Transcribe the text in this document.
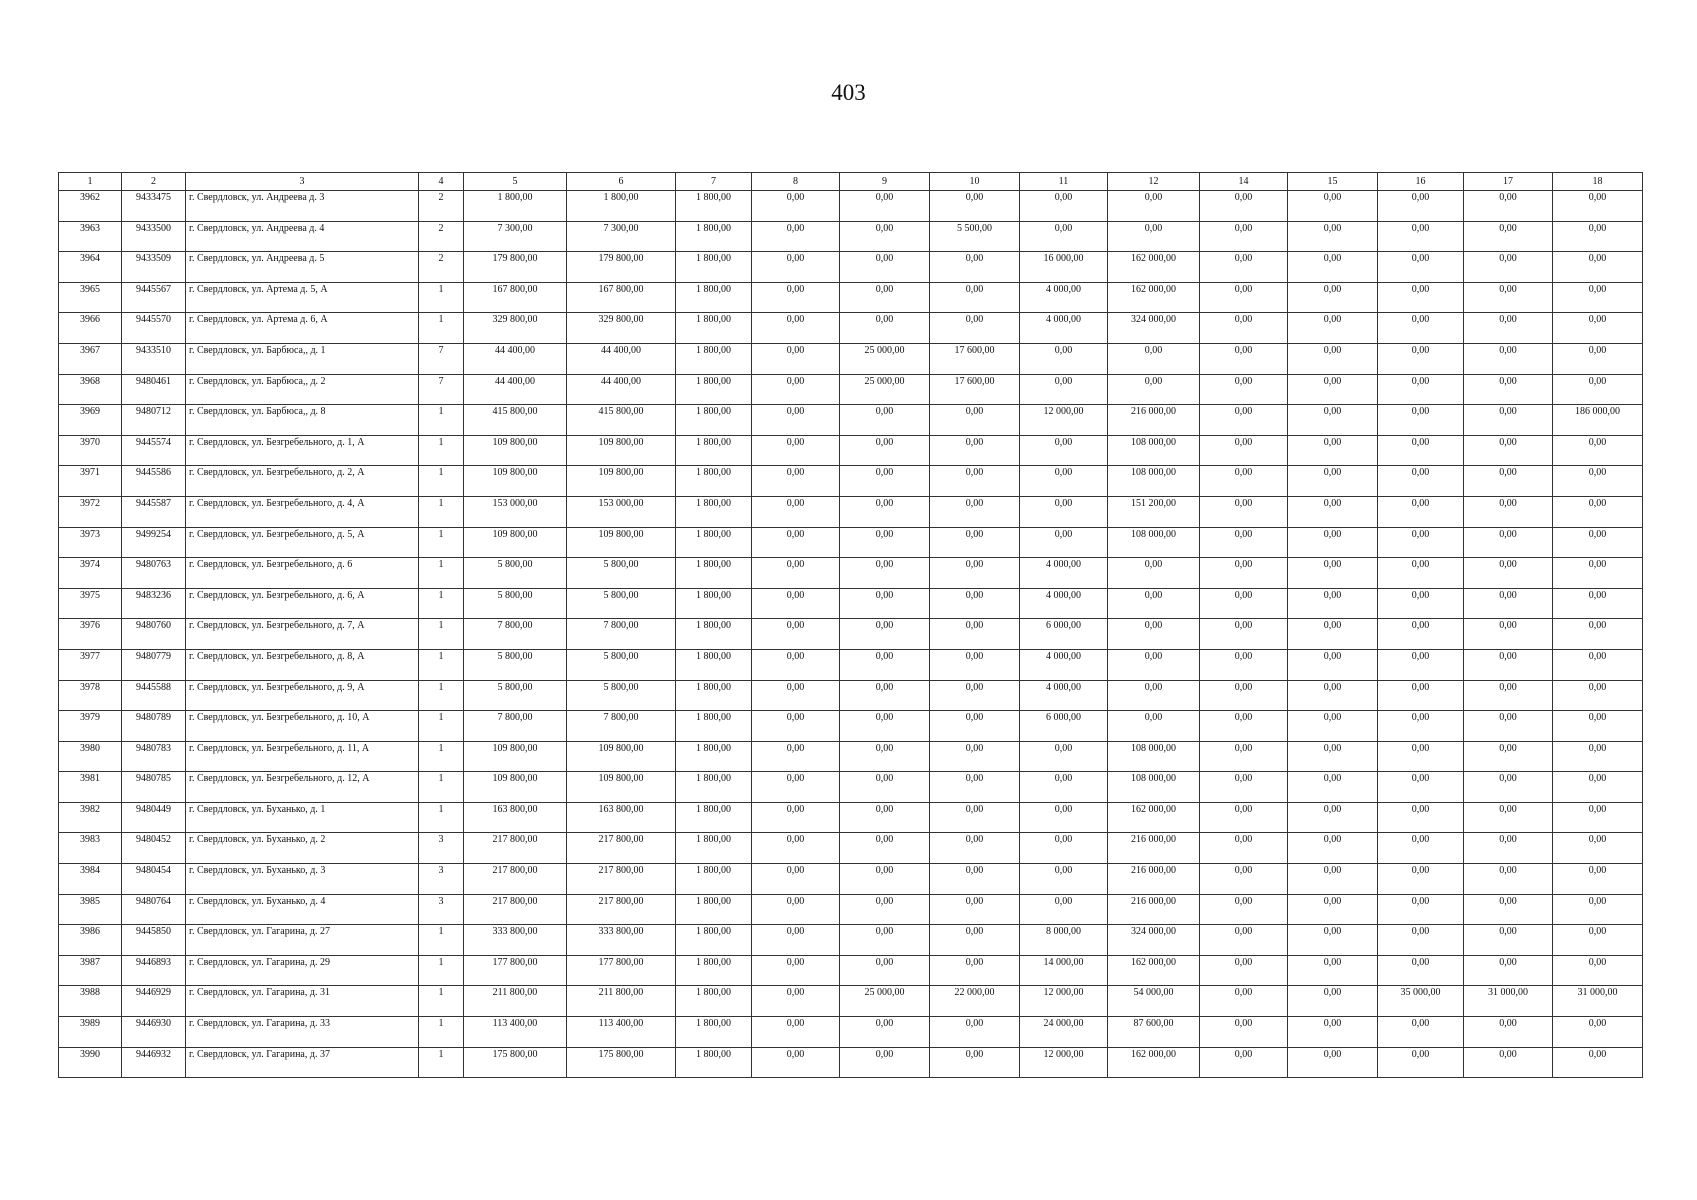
403
1	2	3	4	5	6	7	8	9	10	11	12	14	15	16	17	18
3962	9433475	г. Свердловск, ул. Андреева д. 3	2	1 800,00	1 800,00	1 800,00	0,00	0,00	0,00	0,00	0,00	0,00	0,00	0,00	0,00	0,00
3963	9433500	г. Свердловск, ул. Андреева д. 4	2	7 300,00	7 300,00	1 800,00	0,00	0,00	5 500,00	0,00	0,00	0,00	0,00	0,00	0,00	0,00
3964	9433509	г. Свердловск, ул. Андреева д. 5	2	179 800,00	179 800,00	1 800,00	0,00	0,00	0,00	16 000,00	162 000,00	0,00	0,00	0,00	0,00	0,00
3965	9445567	г. Свердловск, ул. Артема д. 5, А	1	167 800,00	167 800,00	1 800,00	0,00	0,00	0,00	4 000,00	162 000,00	0,00	0,00	0,00	0,00	0,00
3966	9445570	г. Свердловск, ул. Артема д. 6, А	1	329 800,00	329 800,00	1 800,00	0,00	0,00	0,00	4 000,00	324 000,00	0,00	0,00	0,00	0,00	0,00
3967	9433510	г. Свердловск, ул. Барбюса,, д. 1	7	44 400,00	44 400,00	1 800,00	0,00	25 000,00	17 600,00	0,00	0,00	0,00	0,00	0,00	0,00	0,00
3968	9480461	г. Свердловск, ул. Барбюса,, д. 2	7	44 400,00	44 400,00	1 800,00	0,00	25 000,00	17 600,00	0,00	0,00	0,00	0,00	0,00	0,00	0,00
3969	9480712	г. Свердловск, ул. Барбюса,, д. 8	1	415 800,00	415 800,00	1 800,00	0,00	0,00	0,00	12 000,00	216 000,00	0,00	0,00	0,00	0,00	186 000,00
3970	9445574	г. Свердловск, ул. Безгребельного, д. 1, А	1	109 800,00	109 800,00	1 800,00	0,00	0,00	0,00	0,00	108 000,00	0,00	0,00	0,00	0,00	0,00
3971	9445586	г. Свердловск, ул. Безгребельного, д. 2, А	1	109 800,00	109 800,00	1 800,00	0,00	0,00	0,00	0,00	108 000,00	0,00	0,00	0,00	0,00	0,00
3972	9445587	г. Свердловск, ул. Безгребельного, д. 4, А	1	153 000,00	153 000,00	1 800,00	0,00	0,00	0,00	0,00	151 200,00	0,00	0,00	0,00	0,00	0,00
3973	9499254	г. Свердловск, ул. Безгребельного, д. 5, А	1	109 800,00	109 800,00	1 800,00	0,00	0,00	0,00	0,00	108 000,00	0,00	0,00	0,00	0,00	0,00
3974	9480763	г. Свердловск, ул. Безгребельного, д. 6	1	5 800,00	5 800,00	1 800,00	0,00	0,00	0,00	4 000,00	0,00	0,00	0,00	0,00	0,00	0,00
3975	9483236	г. Свердловск, ул. Безгребельного, д. 6, А	1	5 800,00	5 800,00	1 800,00	0,00	0,00	0,00	4 000,00	0,00	0,00	0,00	0,00	0,00	0,00
3976	9480760	г. Свердловск, ул. Безгребельного, д. 7, А	1	7 800,00	7 800,00	1 800,00	0,00	0,00	0,00	6 000,00	0,00	0,00	0,00	0,00	0,00	0,00
3977	9480779	г. Свердловск, ул. Безгребельного, д. 8, А	1	5 800,00	5 800,00	1 800,00	0,00	0,00	0,00	4 000,00	0,00	0,00	0,00	0,00	0,00	0,00
3978	9445588	г. Свердловск, ул. Безгребельного, д. 9, А	1	5 800,00	5 800,00	1 800,00	0,00	0,00	0,00	4 000,00	0,00	0,00	0,00	0,00	0,00	0,00
3979	9480789	г. Свердловск, ул. Безгребельного, д. 10, А	1	7 800,00	7 800,00	1 800,00	0,00	0,00	0,00	6 000,00	0,00	0,00	0,00	0,00	0,00	0,00
3980	9480783	г. Свердловск, ул. Безгребельного, д. 11, А	1	109 800,00	109 800,00	1 800,00	0,00	0,00	0,00	0,00	108 000,00	0,00	0,00	0,00	0,00	0,00
3981	9480785	г. Свердловск, ул. Безгребельного, д. 12, А	1	109 800,00	109 800,00	1 800,00	0,00	0,00	0,00	0,00	108 000,00	0,00	0,00	0,00	0,00	0,00
3982	9480449	г. Свердловск, ул. Буханько, д. 1	1	163 800,00	163 800,00	1 800,00	0,00	0,00	0,00	0,00	162 000,00	0,00	0,00	0,00	0,00	0,00
3983	9480452	г. Свердловск, ул. Буханько, д. 2	3	217 800,00	217 800,00	1 800,00	0,00	0,00	0,00	0,00	216 000,00	0,00	0,00	0,00	0,00	0,00
3984	9480454	г. Свердловск, ул. Буханько, д. 3	3	217 800,00	217 800,00	1 800,00	0,00	0,00	0,00	0,00	216 000,00	0,00	0,00	0,00	0,00	0,00
3985	9480764	г. Свердловск, ул. Буханько, д. 4	3	217 800,00	217 800,00	1 800,00	0,00	0,00	0,00	0,00	216 000,00	0,00	0,00	0,00	0,00	0,00
3986	9445850	г. Свердловск, ул. Гагарина, д. 27	1	333 800,00	333 800,00	1 800,00	0,00	0,00	0,00	8 000,00	324 000,00	0,00	0,00	0,00	0,00	0,00
3987	9446893	г. Свердловск, ул. Гагарина, д. 29	1	177 800,00	177 800,00	1 800,00	0,00	0,00	0,00	14 000,00	162 000,00	0,00	0,00	0,00	0,00	0,00
3988	9446929	г. Свердловск, ул. Гагарина, д. 31	1	211 800,00	211 800,00	1 800,00	0,00	25 000,00	22 000,00	12 000,00	54 000,00	0,00	0,00	35 000,00	31 000,00	31 000,00
3989	9446930	г. Свердловск, ул. Гагарина, д. 33	1	113 400,00	113 400,00	1 800,00	0,00	0,00	0,00	24 000,00	87 600,00	0,00	0,00	0,00	0,00	0,00
3990	9446932	г. Свердловск, ул. Гагарина, д. 37	1	175 800,00	175 800,00	1 800,00	0,00	0,00	0,00	12 000,00	162 000,00	0,00	0,00	0,00	0,00	0,00
